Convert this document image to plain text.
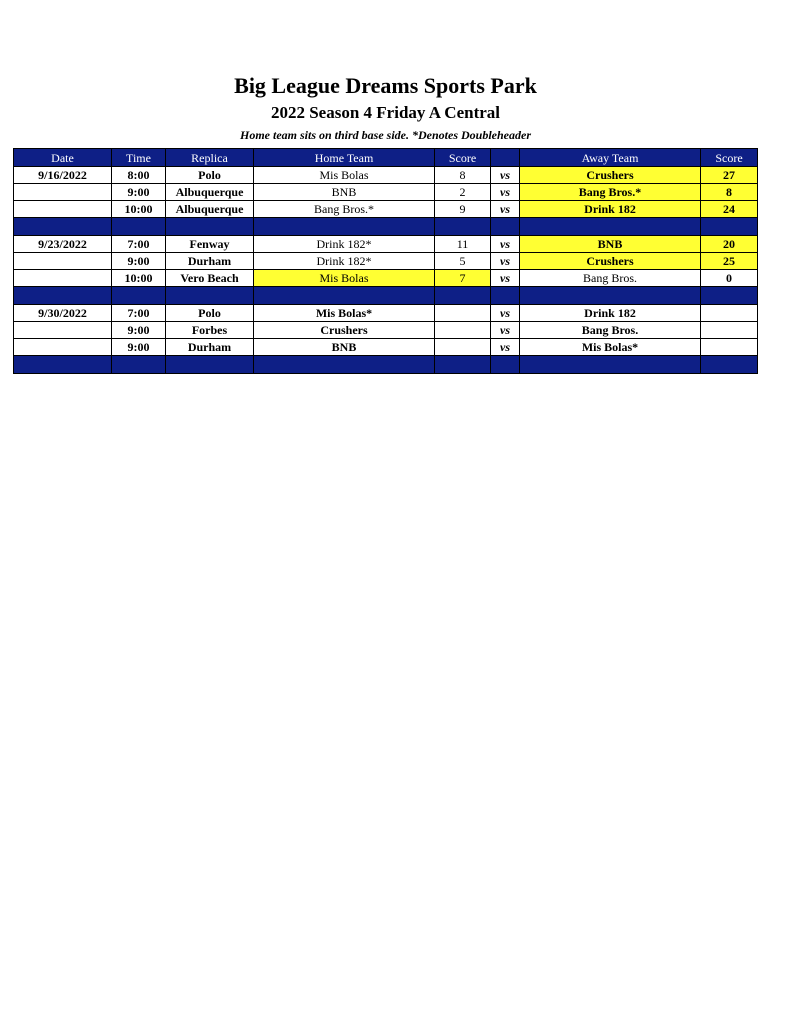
Big League Dreams Sports Park
2022 Season 4 Friday A Central
Home team sits on third base side. *Denotes Doubleheader
Date	Time	Replica	Home Team	Score		Away Team	Score
9/16/2022	8:00	Polo	Mis Bolas	8	vs	Crushers	27
	9:00	Albuquerque	BNB	2	vs	Bang Bros.*	8
	10:00	Albuquerque	Bang Bros.*	9	vs	Drink 182	24

9/23/2022	7:00	Fenway	Drink 182*	11	vs	BNB	20
	9:00	Durham	Drink 182*	5	vs	Crushers	25
	10:00	Vero Beach	Mis Bolas	7	vs	Bang Bros.	0

9/30/2022	7:00	Polo	Mis Bolas*		vs	Drink 182	
	9:00	Forbes	Crushers		vs	Bang Bros.	
	9:00	Durham	BNB		vs	Mis Bolas*	
